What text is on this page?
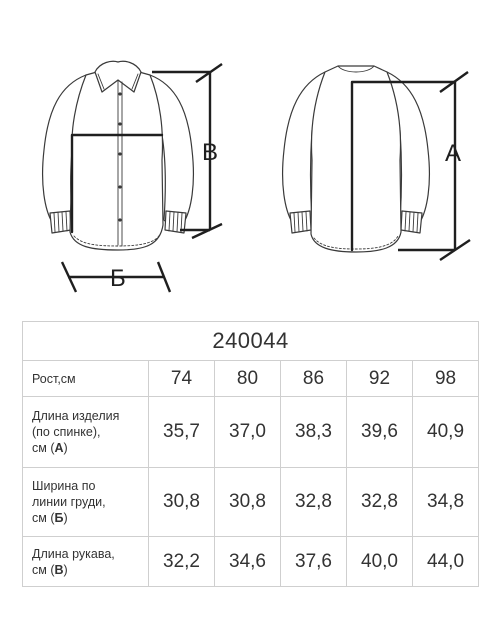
Б
В	А
240044					
Рост,см	74	80	86	92	98
Длина изделия
(по спинке),
см (А)	35,7	37,0	38,3	39,6	40,9
Ширина по
линии груди,
см (Б)	30,8	30,8	32,8	32,8	34,8
Длина рукава,
см (В)	32,2	34,6	37,6	40,0	44,0
